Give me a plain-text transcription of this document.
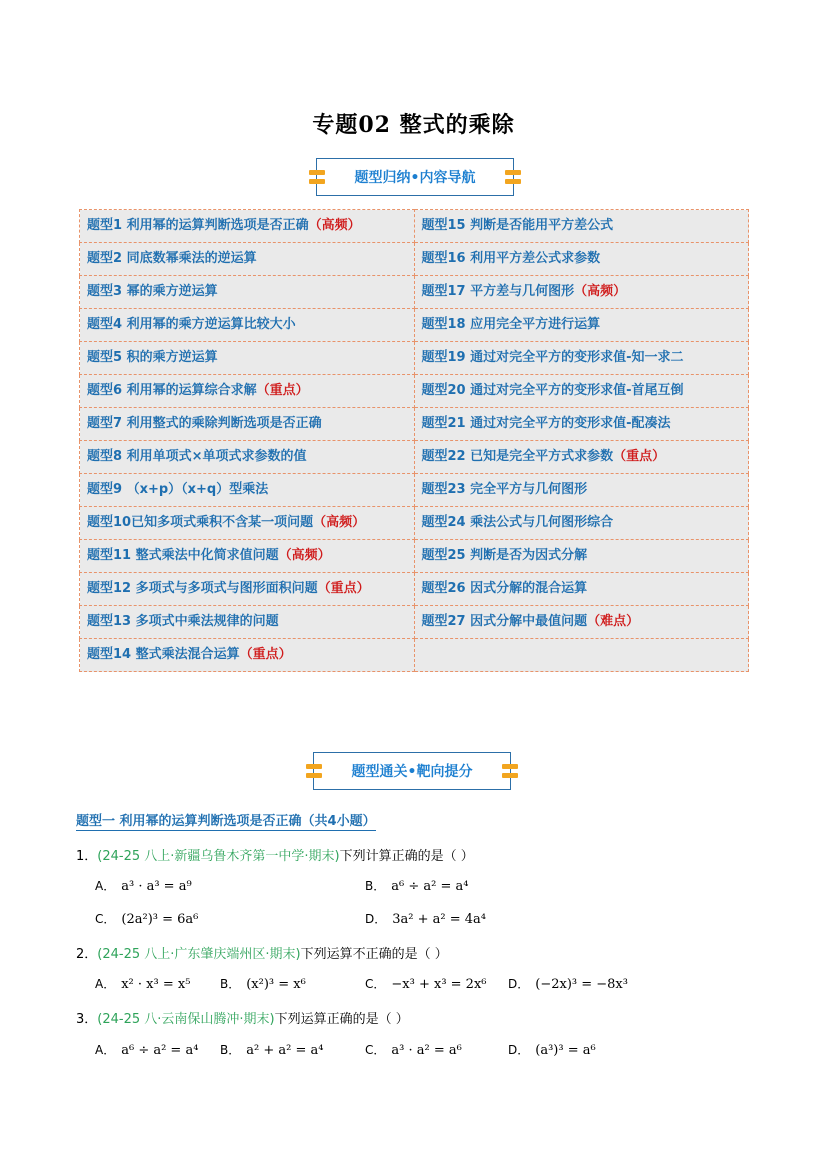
专题02 整式的乘除
题型归纳•内容导航
题型1 利用幂的运算判断选项是否正确（高频）	题型15 判断是否能用平方差公式
题型2 同底数幂乘法的逆运算	题型16 利用平方差公式求参数
题型3 幂的乘方逆运算	题型17 平方差与几何图形（高频）
题型4 利用幂的乘方逆运算比较大小	题型18 应用完全平方进行运算
题型5 积的乘方逆运算	题型19 通过对完全平方的变形求值-知一求二
题型6 利用幂的运算综合求解（重点）	题型20 通过对完全平方的变形求值-首尾互倒
题型7 利用整式的乘除判断选项是否正确	题型21 通过对完全平方的变形求值-配凑法
题型8 利用单项式×单项式求参数的值	题型22 已知是完全平方式求参数（重点）
题型9 （x+p）（x+q）型乘法	题型23 完全平方与几何图形
题型10已知多项式乘积不含某一项问题（高频）	题型24 乘法公式与几何图形综合
题型11 整式乘法中化简求值问题（高频）	题型25 判断是否为因式分解
题型12 多项式与多项式与图形面积问题（重点）	题型26 因式分解的混合运算
题型13 多项式中乘法规律的问题	题型27 因式分解中最值问题（难点）
题型14 整式乘法混合运算（重点）	
题型通关•靶向提分
题型一 利用幂的运算判断选项是否正确（共4小题）
1．(24-25 八上·新疆乌鲁木齐第一中学·期末)下列计算正确的是（ ）
A． a³ · a³ = a⁹	B． a⁶ ÷ a² = a⁴
C． (2a²)³ = 6a⁶	D． 3a² + a² = 4a⁴
2．(24-25 八上·广东肇庆端州区·期末)下列运算不正确的是（ ）
A． x² · x³ = x⁵ B． (x²)³ = x⁶	C． −x³ + x³ = 2x⁶ D． (−2x)³ = −8x³
3．(24-25 八·云南保山腾冲·期末)下列运算正确的是（ ）
A． a⁶ ÷ a² = a⁴ B． a² + a² = a⁴	C． a³ · a² = a⁶	D． (a³)³ = a⁶
